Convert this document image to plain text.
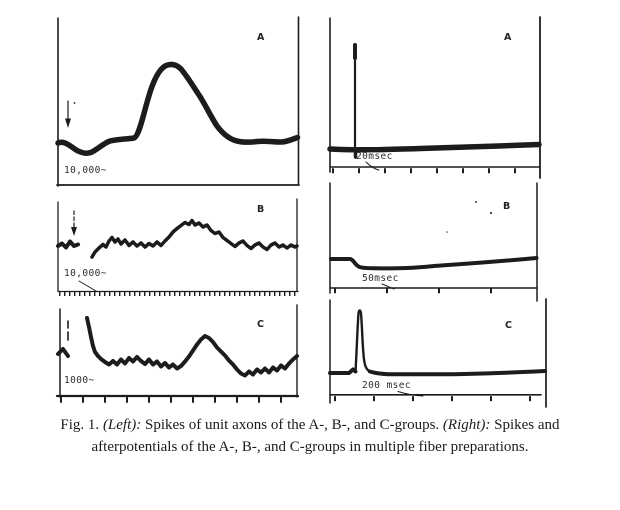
A	A
B	B
C	C
10,000~
10,000~
1000~
20msec
50msec
200 msec
Fig. 1. (Left): Spikes of unit axons of the A-, B-, and C-groups. (Right): Spikes and
afterpotentials of the A-, B-, and C-groups in multiple fiber preparations.
